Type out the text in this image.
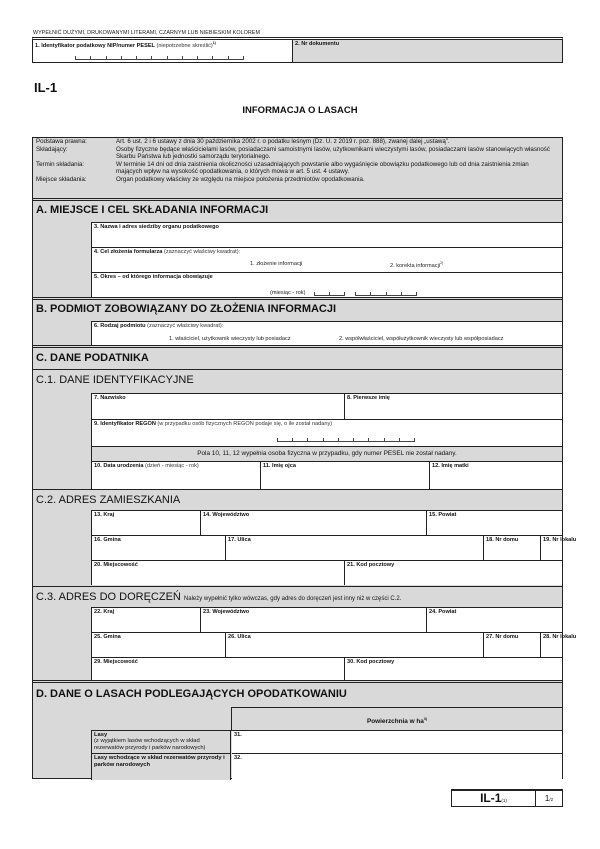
WYPEŁNIĆ DUŻYMI, DRUKOWANYMI LITERAMI, CZARNYM LUB NIEBIESKIM KOLOREM
1. Identyfikator podatkowy NIP/numer PESEL (niepotrzebne skreślić)$^{1)}$	2. Nr dokumentu
IL-1
INFORMACJA O LASACH
Podstawa prawna:	Art. 6 ust. 2 i 6 ustawy z dnia 30 października 2002 r. o podatku leśnym (Dz. U. z 2019 r. poz. 888), zwanej dalej „ustawą”.
Składający:	Osoby fizyczne będące właścicielami lasów, posiadaczami samoistnymi lasów, użytkownikami wieczystymi lasów, posiadaczami lasów stanowiących własność Skarbu Państwa lub jednostki samorządu terytorialnego.
Termin składania:	W terminie 14 dni od dnia zaistnienia okoliczności uzasadniających powstanie albo wygaśnięcie obowiązku podatkowego lub od dnia zaistnienia zmian mających wpływ na wysokość opodatkowania, o których mowa w art. 5 ust. 4 ustawy.
Miejsce składania:	Organ podatkowy właściwy ze względu na miejsce położenia przedmiotów opodatkowania.
A. MIEJSCE I CEL SKŁADANIA INFORMACJI
3. Nazwa i adres siedziby organu podatkowego
4. Cel złożenia formularza (zaznaczyć właściwy kwadrat):
1. złożenie informacji	2. korekta informacji$^{2)}$
5. Okres – od którego informacja obowiązuje
(miesiąc - rok)
B. PODMIOT ZOBOWIĄZANY DO ZŁOŻENIA INFORMACJI
6. Rodzaj podmiotu (zaznaczyć właściwy kwadrat):
1. właściciel, użytkownik wieczysty lub posiadacz	2. współwłaściciel, współużytkownik wieczysty lub współposiadacz
C. DANE PODATNIKA
C.1. DANE IDENTYFIKACYJNE
7. Nazwisko	8. Pierwsze imię
9. Identyfikator REGON (w przypadku osób fizycznych REGON podaje się, o ile został nadany)
Pola 10, 11, 12 wypełnia osoba fizyczna w przypadku, gdy numer PESEL nie został nadany.
10. Data urodzenia (dzień - miesiąc - rok)	11. Imię ojca	12. Imię matki
C.2. ADRES ZAMIESZKANIA
13. Kraj	14. Województwo	15. Powiat
16. Gmina	17. Ulica	18. Nr domu	19. Nr lokalu
20. Miejscowość	21. Kod pocztowy
C.3. ADRES DO DORĘCZEŃ Należy wypełnić tylko wówczas, gdy adres do doręczeń jest inny niż w części C.2.
22. Kraj	23. Województwo	24. Powiat
25. Gmina	26. Ulica	27. Nr domu	28. Nr lokalu
29. Miejscowość	30. Kod pocztowy
D. DANE O LASACH PODLEGAJĄCYCH OPODATKOWANIU
Powierzchnia w $ha^{3)}$
Lasy
(z wyjątkiem lasów wchodzących w skład rezerwatów przyrody i parków narodowych)
31.
Lasy wchodzące w skład rezerwatów przyrody i parków narodowych
32.
IL-1(1)	1/2
